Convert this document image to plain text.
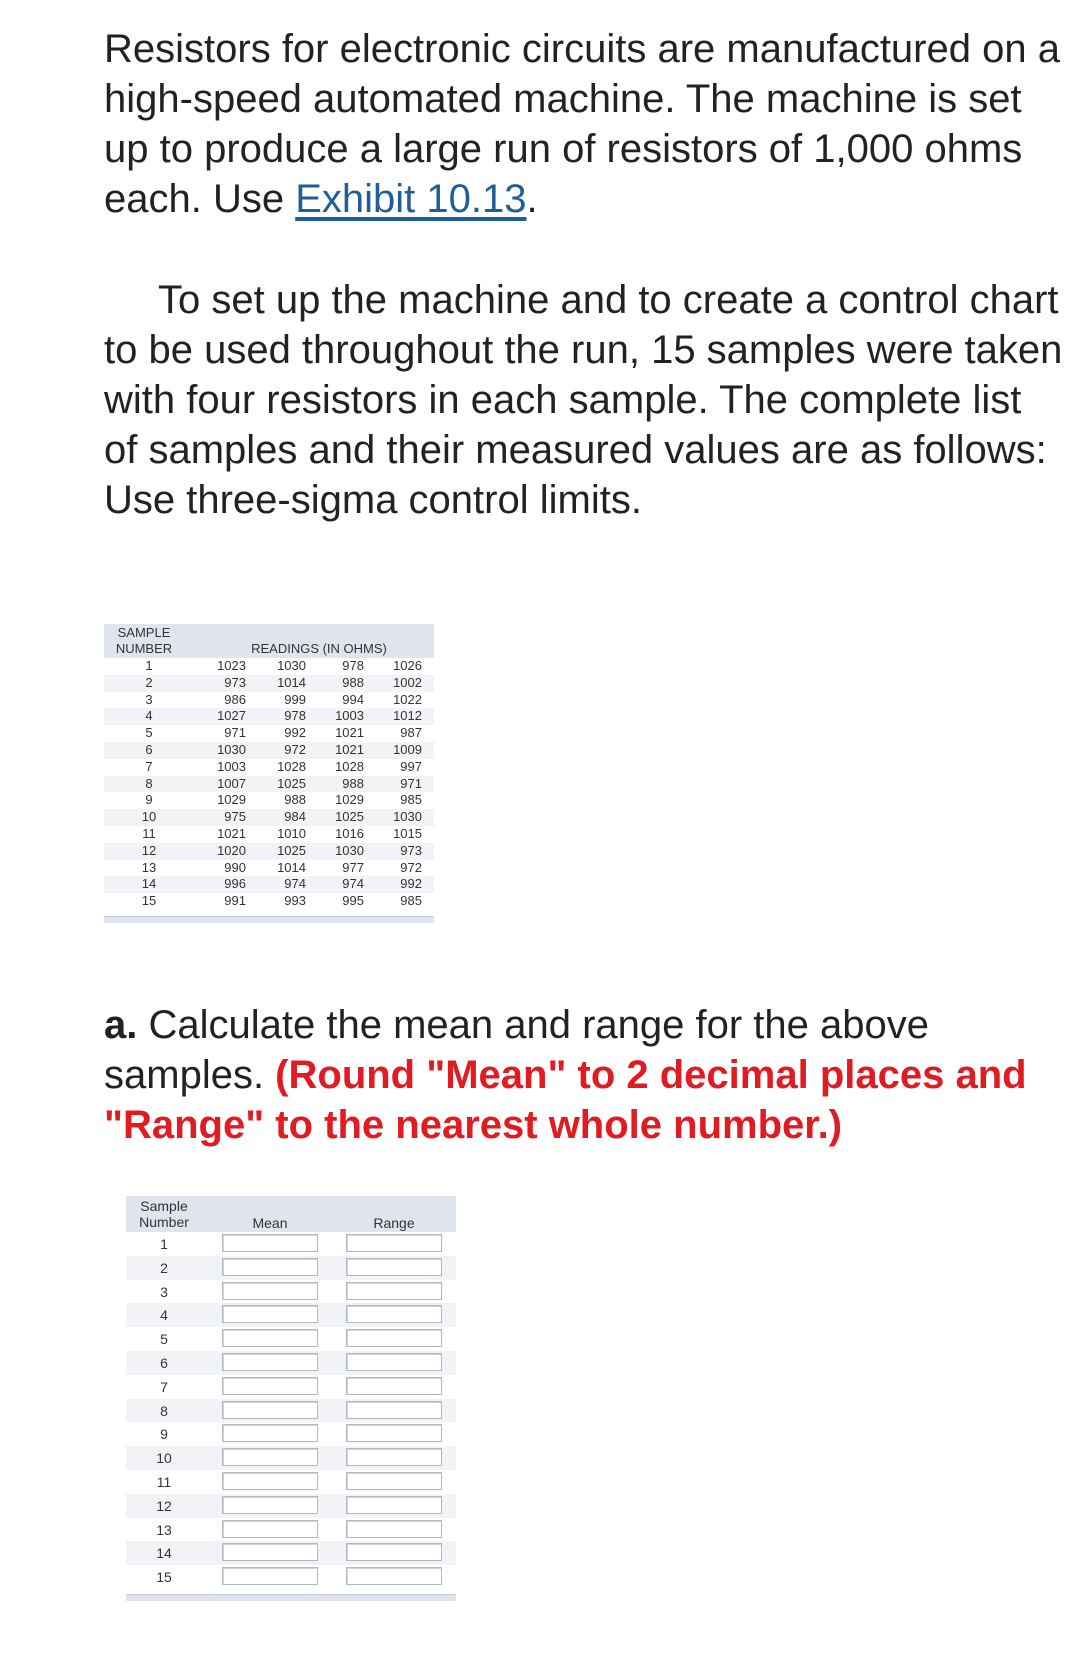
Resistors for electronic circuits are manufactured on a high-speed automated machine. The machine is set up to produce a large run of resistors of 1,000 ohms each. Use Exhibit 10.13.

To set up the machine and to create a control chart to be used throughout the run, 15 samples were taken with four resistors in each sample. The complete list of samples and their measured values are as follows: Use three-sigma control limits.

SAMPLE
NUMBER	READINGS (IN OHMS)
1	1023	1030	978	1026
2	973	1014	988	1002
3	986	999	994	1022
4	1027	978	1003	1012
5	971	992	1021	987
6	1030	972	1021	1009
7	1003	1028	1028	997
8	1007	1025	988	971
9	1029	988	1029	985
10	975	984	1025	1030
11	1021	1010	1016	1015
12	1020	1025	1030	973
13	990	1014	977	972
14	996	974	974	992
15	991	993	995	985

a. Calculate the mean and range for the above samples. (Round "Mean" to 2 decimal places and "Range" to the nearest whole number.)

Sample
Number	Mean	Range
1
2
3
4
5
6
7
8
9
10
11
12
13
14
15
